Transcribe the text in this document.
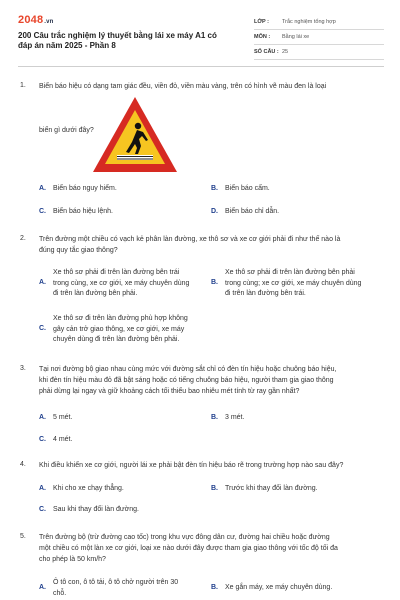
2048.vn
200 Câu trắc nghiệm lý thuyết bằng lái xe máy A1 có đáp án năm 2025 - Phần 8
LỚP :	Trắc nghiệm tổng hợp
MÔN :	Bằng lái xe
SỐ CÂU : 25
1. Biển báo hiệu có dạng tam giác đều, viền đỏ, viền màu vàng, trên có hình vẽ màu đen là loại
biển gì dưới đây?
A. Biển báo nguy hiểm.	B. Biển báo cấm.
C. Biển báo hiệu lệnh.	D. Biển báo chỉ dẫn.
2. Trên đường một chiều có vạch kẻ phân làn đường, xe thô sơ và xe cơ giới phải đi như thế nào là
đúng quy tắc giao thông?
A.
Xe thô sơ phải đi trên làn đường bên trái
trong cùng, xe cơ giới, xe máy chuyên dùng
đi trên làn đường bên phải.
B.
Xe thô sơ phải đi trên làn đường bên phải
trong cùng; xe cơ giới, xe máy chuyên dùng
đi trên làn đường bên trái.
C.
Xe thô sơ đi trên làn đường phù hợp không
gây cản trở giao thông, xe cơ giới, xe máy
chuyên dùng đi trên làn đường bên phải.
3. Tại nơi đường bộ giao nhau cùng mức với đường sắt chỉ có đèn tín hiệu hoặc chuông báo hiệu,
khi đèn tín hiệu màu đỏ đã bật sáng hoặc có tiếng chuông báo hiệu, người tham gia giao thông
phải dừng lại ngay và giữ khoảng cách tối thiểu bao nhiêu mét tính từ ray gần nhất?
A. 5 mét.	B. 3 mét.
C. 4 mét.
4. Khi điều khiển xe cơ giới, người lái xe phải bật đèn tín hiệu báo rẽ trong trường hợp nào sau đây?
A. Khi cho xe chạy thẳng.	B. Trước khi thay đổi làn đường.
C. Sau khi thay đổi làn đường.
5. Trên đường bộ (trừ đường cao tốc) trong khu vực đông dân cư, đường hai chiều hoặc đường
một chiều có một làn xe cơ giới, loại xe nào dưới đây được tham gia giao thông với tốc độ tối đa
cho phép là 50 km/h?
A.
Ô tô con, ô tô tải, ô tô chở người trên 30
chỗ.
B. Xe gắn máy, xe máy chuyên dùng.
